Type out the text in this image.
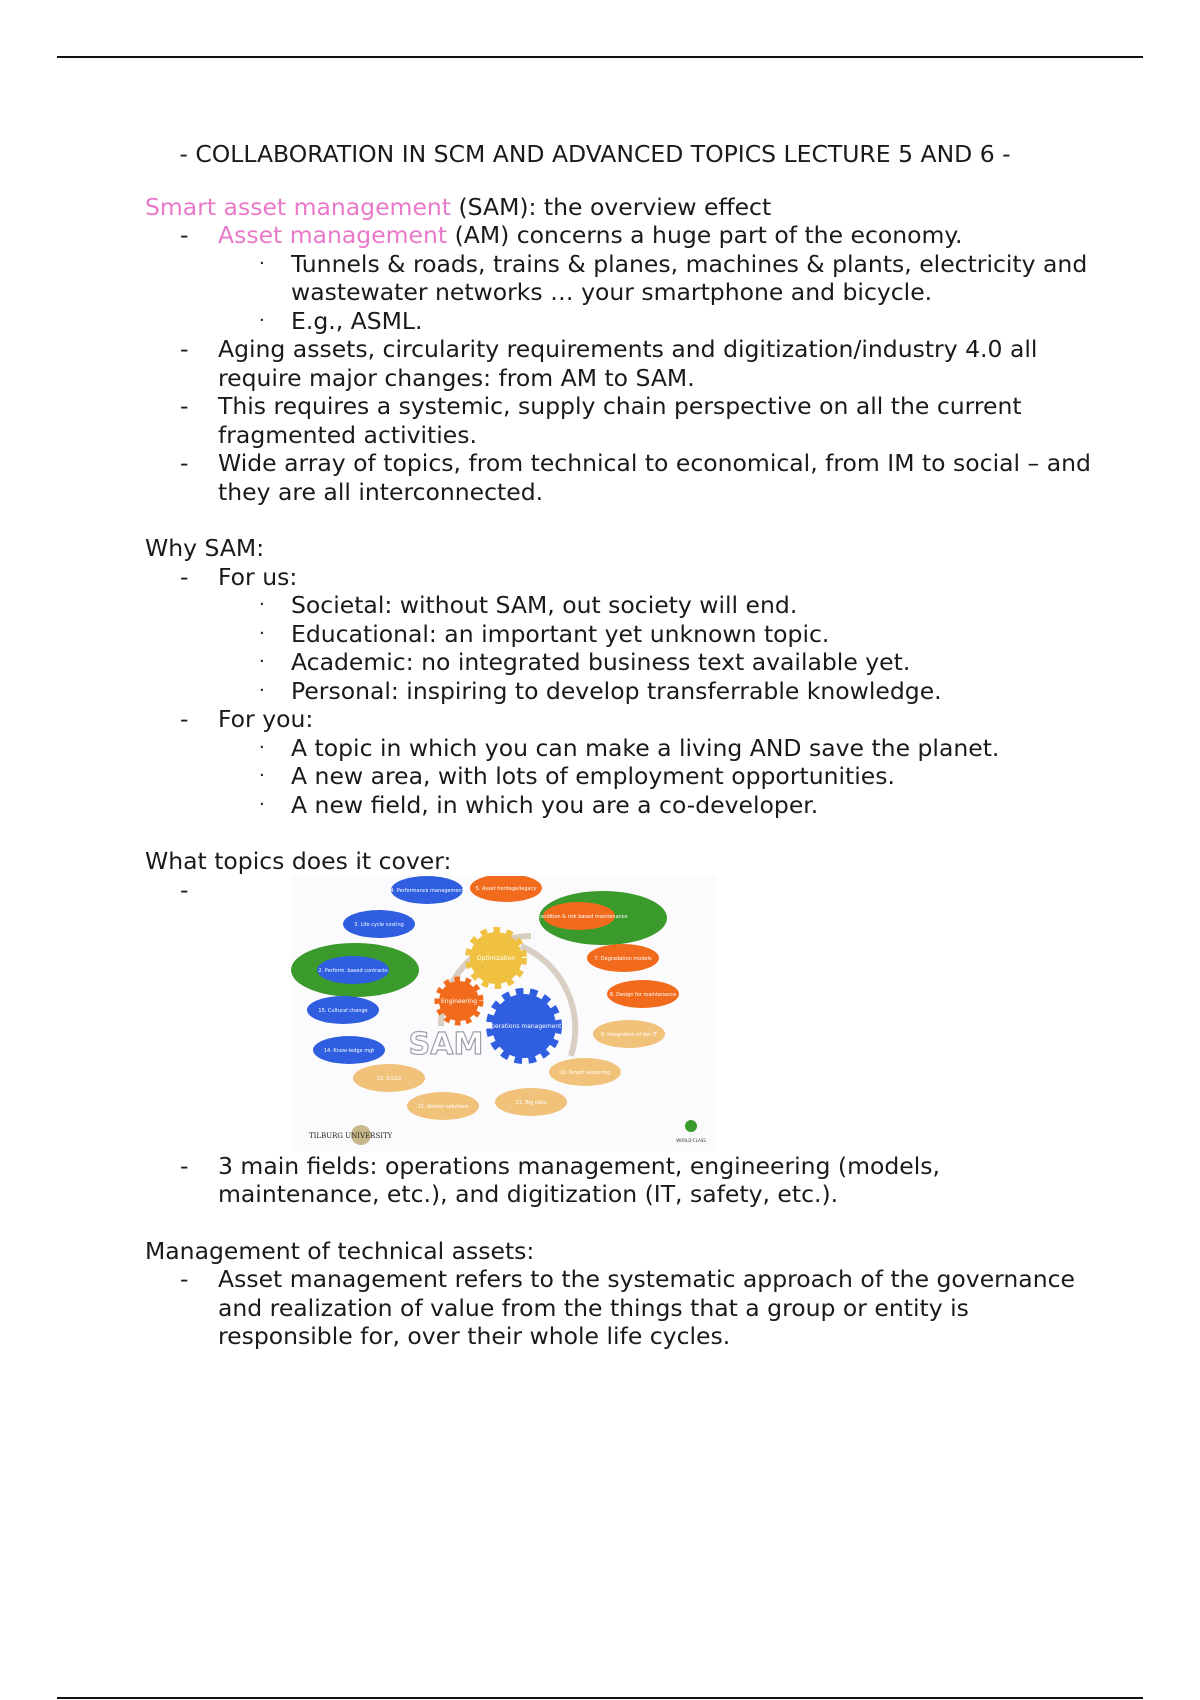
- COLLABORATION IN SCM AND ADVANCED TOPICS LECTURE 5 AND 6 -

Smart asset management (SAM): the overview effect

- Asset management (AM) concerns a huge part of the economy.
· Tunnels & roads, trains & planes, machines & plants, electricity and wastewater networks … your smartphone and bicycle.
· E.g., ASML.
- Aging assets, circularity requirements and digitization/industry 4.0 all require major changes: from AM to SAM.
- This requires a systemic, supply chain perspective on all the current fragmented activities.
- Wide array of topics, from technical to economical, from IM to social – and they are all interconnected.

Why SAM:

- For us:
· Societal: without SAM, out society will end.
· Educational: an important yet unknown topic.
· Academic: no integrated business text available yet.
· Personal: inspiring to develop transferrable knowledge.
- For you:
· A topic in which you can make a living AND save the planet.
· A new area, with lots of employment opportunities.
· A new field, in which you are a co-developer.

What topics does it cover:

-
Operations management
Optimization
Engineering
SAM
4. Performance management 5. Asset heritage/legacy
6. Condition & risk based maintenance
3. Life cycle costing
7. Degradation models
2. Perform. based contracts
8. Design for maintenance
15. Cultural change
9. Integration of der IT
14. Know-ledge mgt
10. Smart sensoring
13. ILS/LS
12. Vendor solutions
11. Big data
TILBURG UNIVERSITY
WORLD-CLASS
- 3 main fields: operations management, engineering (models, maintenance, etc.), and digitization (IT, safety, etc.).

Management of technical assets:

- Asset management refers to the systematic approach of the governance and realization of value from the things that a group or entity is responsible for, over their whole life cycles.
